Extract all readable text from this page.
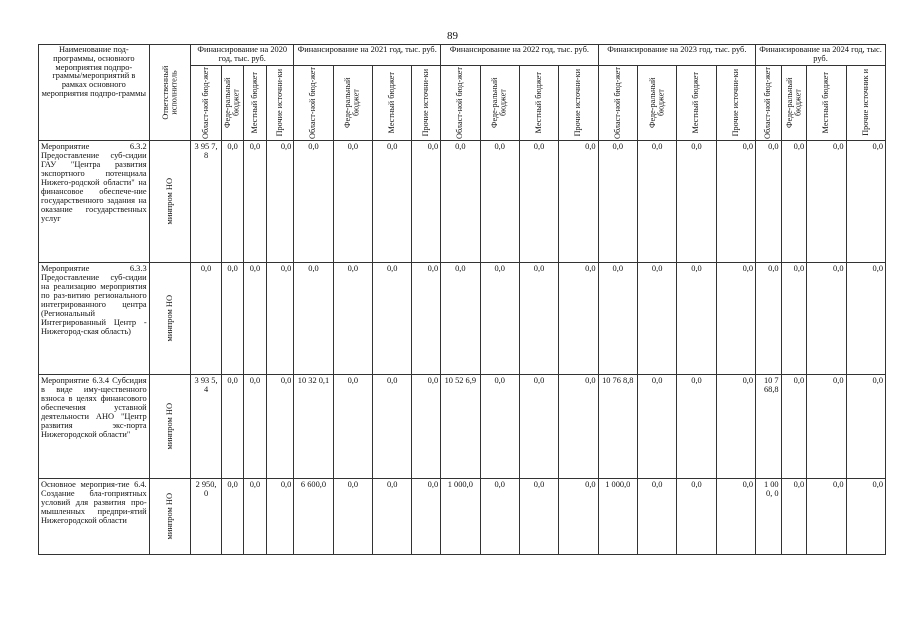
89
Наименование под-программы, основного мероприятия подпро-граммы/мероприятий в рамках основного мероприятия подпро-граммы	Ответственный исполнитель	Финансирование на 2020 год, тыс. руб.				Финансирование на 2021 год, тыс. руб.				Финансирование на 2022 год, тыс. руб.				Финансирование на 2023 год, тыс. руб.				Финансирование на 2024 год, тыс. руб.			

		Област-ной бюд-жет	Феде-ральный бюджет	Местный бюджет	Прочие источни-ки	Област-ной бюд-жет	Феде-ральный бюджет	Местный бюджет	Прочие источни-ки	Област-ной бюд-жет	Феде-ральный бюджет	Местный бюджет	Прочие источни-ки	Област-ной бюд-жет	Феде-ральный бюджет	Местный бюджет	Прочие источни-ки	Област-ной бюд-жет	Феде-ральный бюджет	Местный бюджет	Прочие источник и

Мероприятие 6.3.2 Предоставление суб-сидии ГАУ "Центра развития экспортного потенциала Нижего-родской области" на финансовое обеспече-ние государственного задания на оказание государственных услуг	минпром НО	3 95 7,8	0,0	0,0	0,0	0,0	0,0	0,0	0,0	0,0	0,0	0,0	0,0	0,0	0,0	0,0	0,0	0,0	0,0	0,0	0,0
Мероприятие 6.3.3 Предоставление суб-сидии на реализацию мероприятия по раз-витию регионального интегрированного центра (Региональный Интегрированный Центр - Нижегород-ская область)	минпром НО	0,0	0,0	0,0	0,0	0,0	0,0	0,0	0,0	0,0	0,0	0,0	0,0	0,0	0,0	0,0	0,0	0,0	0,0	0,0	0,0
Мероприятие 6.3.4 Субсидия в виде иму-щественного взноса в целях финансового обеспечения уставной деятельности АНО "Центр развития экс-порта Нижегородской области"	минпром НО	3 93 5,4	0,0	0,0	0,0	10 32 0,1	0,0	0,0	0,0	10 52 6,9	0,0	0,0	0,0	10 76 8,8	0,0	0,0	0,0	10 7 68,8	0,0	0,0	0,0
Основное мероприя-тие 6.4. Создание бла-гоприятных условий для развития про-мышленных предпри-ятий Нижегородской области	минпром НО	2 950, 0	0,0	0,0	0,0	6 600,0	0,0	0,0	0,0	1 000,0	0,0	0,0	0,0	1 000,0	0,0	0,0	0,0	1 000, 0	0,0	0,0	0,0
